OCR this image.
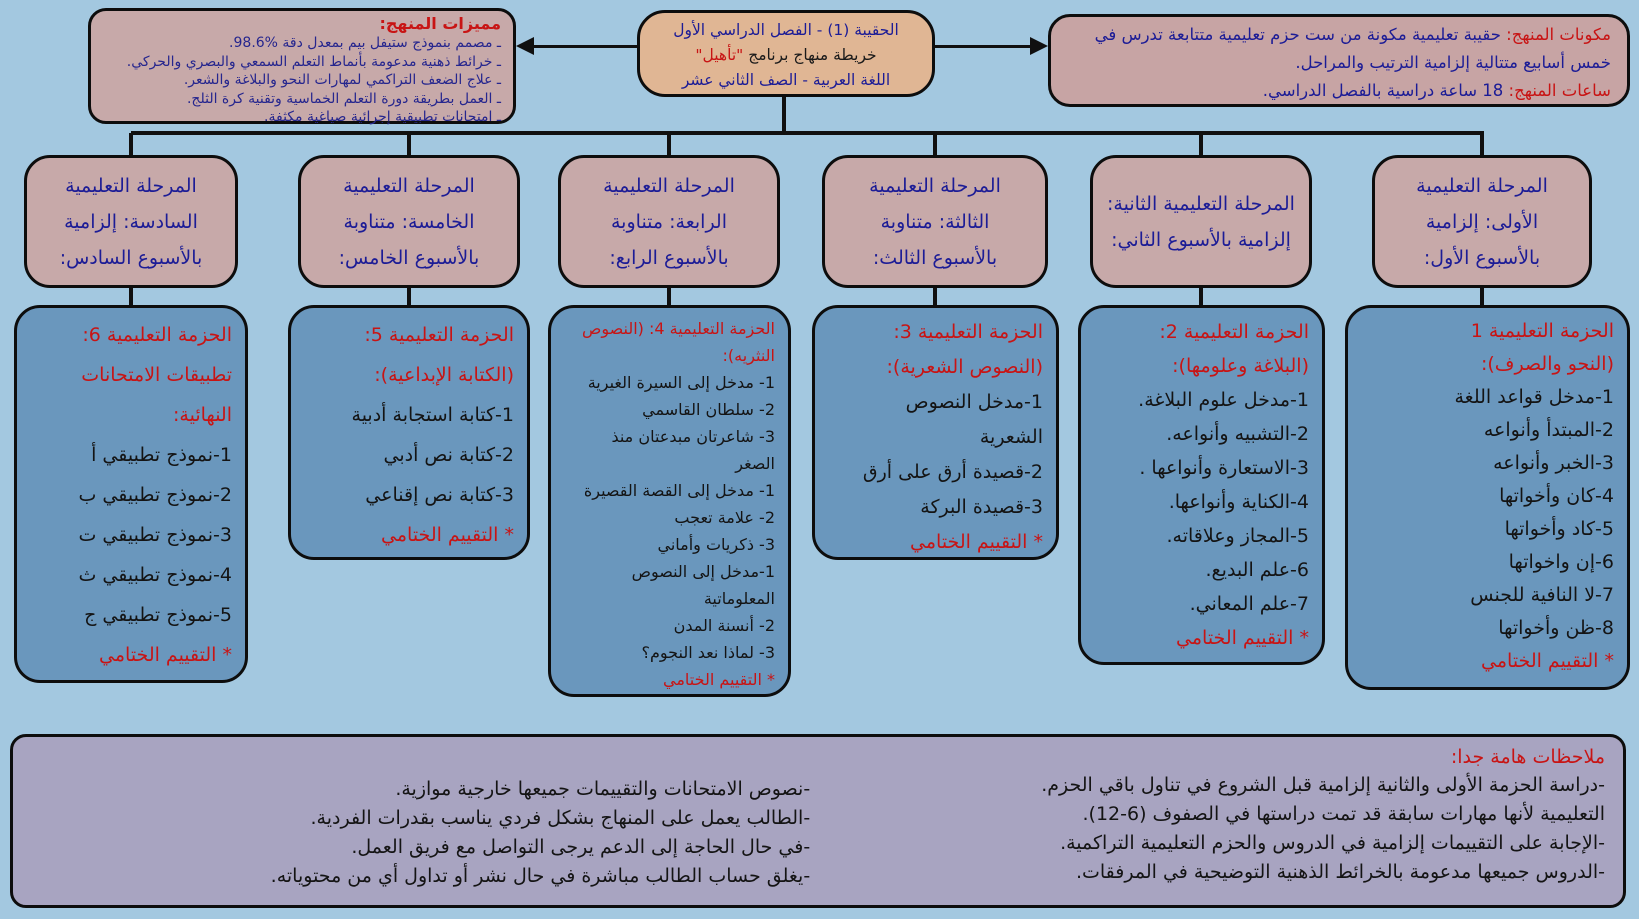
مميزات المنهج:
ـ مصمم بنموذج ستيفل بيم بمعدل دقة %98.6.
ـ خرائط ذهنية مدعومة بأنماط التعلم السمعي والبصري والحركي.
ـ علاج الضعف التراكمي لمهارات النحو والبلاغة والشعر.
ـ العمل بطريقة دورة التعلم الخماسية وتقنية كرة الثلج.
ـ امتحانات تطبيقية إجرائية صياغية مكثفة.
الحقيبة (1) - الفصل الدراسي الأول
خريطة منهاج برنامج "تأهيل"
اللغة العربية - الصف الثاني عشر
مكونات المنهج: حقيبة تعليمية مكونة من ست حزم تعليمية متتابعة تدرس في خمس أسابيع متتالية إلزامية الترتيب والمراحل.
ساعات المنهج: 18 ساعة دراسية بالفصل الدراسي.
المرحلة التعليمية
الأولى: إلزامية
بالأسبوع الأول:
المرحلة التعليمية الثانية:
إلزامية بالأسبوع الثاني:
المرحلة التعليمية
الثالثة: متناوبة
بالأسبوع الثالث:
المرحلة التعليمية
الرابعة: متناوبة
بالأسبوع الرابع:
المرحلة التعليمية
الخامسة: متناوبة
بالأسبوع الخامس:
المرحلة التعليمية
السادسة: إلزامية
بالأسبوع السادس:
الحزمة التعليمية 1
(النحو والصرف):
1-مدخل قواعد اللغة
2-المبتدأ وأنواعه
3-الخبر وأنواعه
4-كان وأخواتها
5-كاد وأخواتها
6-إن واخواتها
7-لا النافية للجنس
8-ظن وأخواتها
* التقييم الختامي
الحزمة التعليمية 2:
(البلاغة وعلومها):
1-مدخل علوم البلاغة.
2-التشبيه وأنواعه.
3-الاستعارة وأنواعها .
4-الكناية وأنواعها.
5-المجاز وعلاقاته.
6-علم البديع.
7-علم المعاني.
* التقييم الختامي
الحزمة التعليمية 3:
(النصوص الشعرية):
1-مدخل النصوص
الشعرية
2-قصيدة أرق على أرق
3-قصيدة البركة
* التقييم الختامي
الحزمة التعليمية 4: (النصوص
النثريه):
1- مدخل إلى السيرة الغيرية
2- سلطان القاسمي
3- شاعرتان مبدعتان منذ
الصغر
1- مدخل إلى القصة القصيرة
2- علامة تعجب
3- ذكريات وأماني
1-مدخل إلى النصوص
المعلوماتية
2- أنسنة المدن
3- لماذا نعد النجوم؟
* التقييم الختامي
الحزمة التعليمية 5:
(الكتابة الإبداعية):
1-كتابة استجابة أدبية
2-كتابة نص أدبي
3-كتابة نص إقناعي
* التقييم الختامي
الحزمة التعليمية 6:
تطبيقات الامتحانات
النهائية:
1-نموذج تطبيقي أ
2-نموذج تطبيقي ب
3-نموذج تطبيقي ت
4-نموذج تطبيقي ث
5-نموذج تطبيقي ج
* التقييم الختامي
ملاحظات هامة جدا:
-دراسة الحزمة الأولى والثانية إلزامية قبل الشروع في تناول باقي الحزم.
التعليمية لأنها مهارات سابقة قد تمت دراستها في الصفوف (6-12).
-الإجابة على التقييمات إلزامية في الدروس والحزم التعليمية التراكمية.
-الدروس جميعها مدعومة بالخرائط الذهنية التوضيحية في المرفقات.
-نصوص الامتحانات والتقييمات جميعها خارجية موازية.
-الطالب يعمل على المنهاج بشكل فردي يناسب بقدرات الفردية.
-في حال الحاجة إلى الدعم يرجى التواصل مع فريق العمل.
-يغلق حساب الطالب مباشرة في حال نشر أو تداول أي من محتوياته.
